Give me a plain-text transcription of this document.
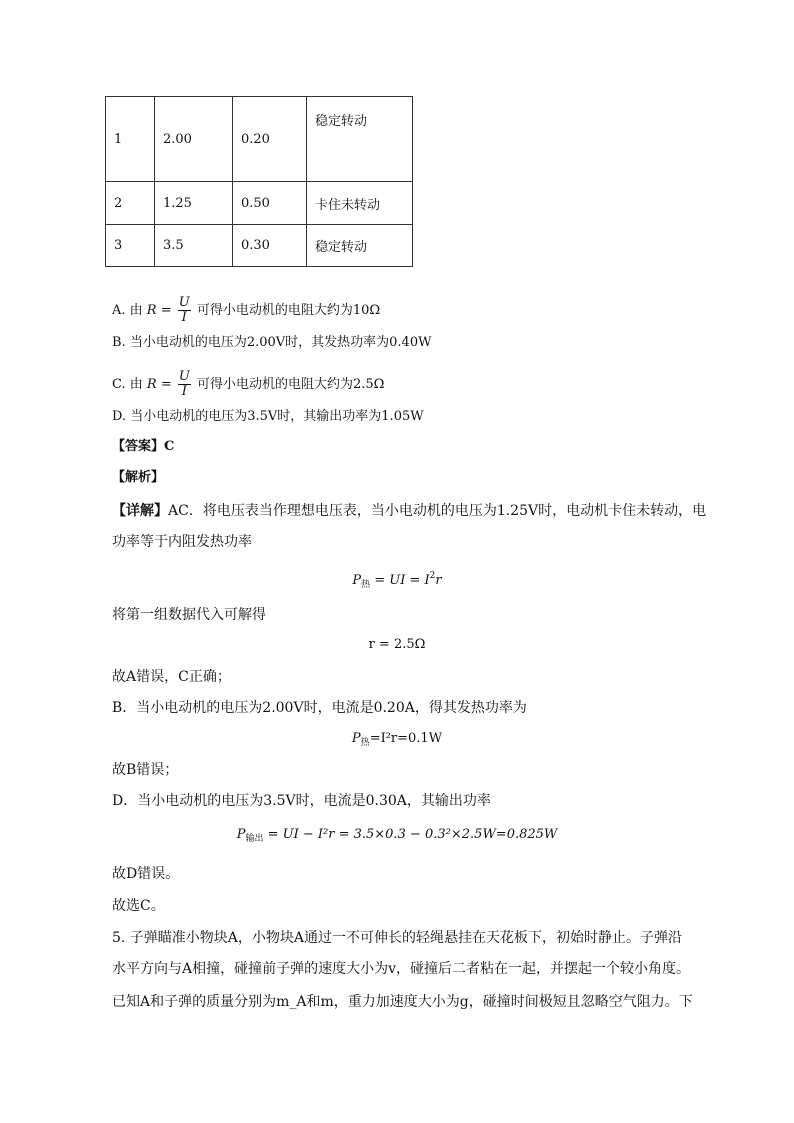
1	2.00	0.20	稳定转动
2	1.25	0.50	卡住未转动
3	3.5	0.30	稳定转动
A. 由 $R = \frac{U}{I}$ 可得小电动机的电阻大约为10Ω
B. 当小电动机的电压为2.00V时，其发热功率为0.40W
C. 由 $R = \frac{U}{I}$ 可得小电动机的电阻大约为2.5Ω
D. 当小电动机的电压为3.5V时，其输出功率为1.05W
【答案】C
【解析】
【详解】AC．将电压表当作理想电压表，当小电动机的电压为1.25V时，电动机卡住未转动，电
功率等于内阻发热功率
$P_热$ = UI = $I^2r$
将第一组数据代入可解得
r = 2.5Ω
故A错误，C正确；
B．当小电动机的电压为2.00V时，电流是0.20A，得其发热功率为
$P_热=I^2r=0.1W$
故B错误；
D．当小电动机的电压为3.5V时，电流是0.30A，其输出功率
$P_{输出}$ = UI − I²r = 3.5×0.3 − 0.3²×2.5W=0.825W
故D错误。
故选C。
5. 子弹瞄准小物块A，小物块A通过一不可伸长的轻绳悬挂在天花板下，初始时静止。子弹沿
水平方向与A相撞，碰撞前子弹的速度大小为v，碰撞后二者粘在一起，并摆起一个较小角度。
已知A和子弹的质量分别为m_A和m，重力加速度大小为g，碰撞时间极短且忽略空气阻力。下
